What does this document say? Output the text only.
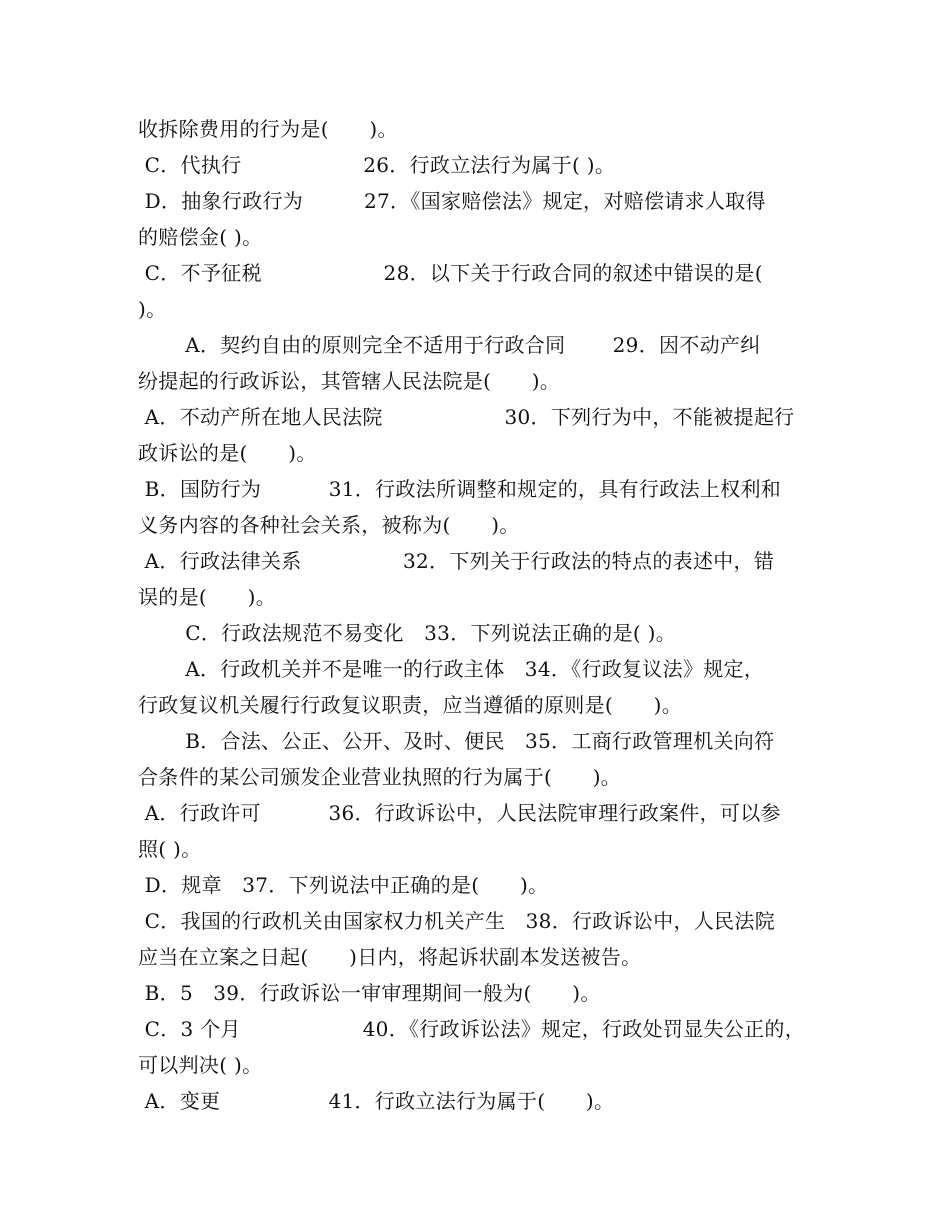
收拆除费用的行为是(　　)。
C．代执行　　　　　　26．行政立法行为属于( )。
D．抽象行政行为　　　27．《国家赔偿法》规定，对赔偿请求人取得
的赔偿金( )。
C．不予征税　　　　　　28．以下关于行政合同的叙述中错误的是(
)。
　　 A．契约自由的原则完全不适用于行政合同　　 29．因不动产纠
纷提起的行政诉讼，其管辖人民法院是(　　)。
A．不动产所在地人民法院　　　　　　30．下列行为中，不能被提起行
政诉讼的是(　　)。
B．国防行为　　　 31．行政法所调整和规定的，具有行政法上权利和
义务内容的各种社会关系，被称为(　　)。
A．行政法律关系　　　　　32．下列关于行政法的特点的表述中，错
误的是(　　)。
　　 C．行政法规范不易变化　33．下列说法正确的是( )。
　　 A．行政机关并不是唯一的行政主体　34．《行政复议法》规定，
行政复议机关履行行政复议职责，应当遵循的原则是(　　)。
　　 B．合法、公正、公开、及时、便民　35．工商行政管理机关向符
合条件的某公司颁发企业营业执照的行为属于(　　)。
A．行政许可　　　 36．行政诉讼中，人民法院审理行政案件，可以参
照( )。
D．规章　37．下列说法中正确的是(　　)。
C．我国的行政机关由国家权力机关产生　38．行政诉讼中，人民法院
应当在立案之日起(　　)日内，将起诉状副本发送被告。
B．5　39．行政诉讼一审审理期间一般为(　　)。
C．3 个月　　　　　　40．《行政诉讼法》规定，行政处罚显失公正的，
可以判决( )。
A．变更　　　　　 41．行政立法行为属于(　　)。
